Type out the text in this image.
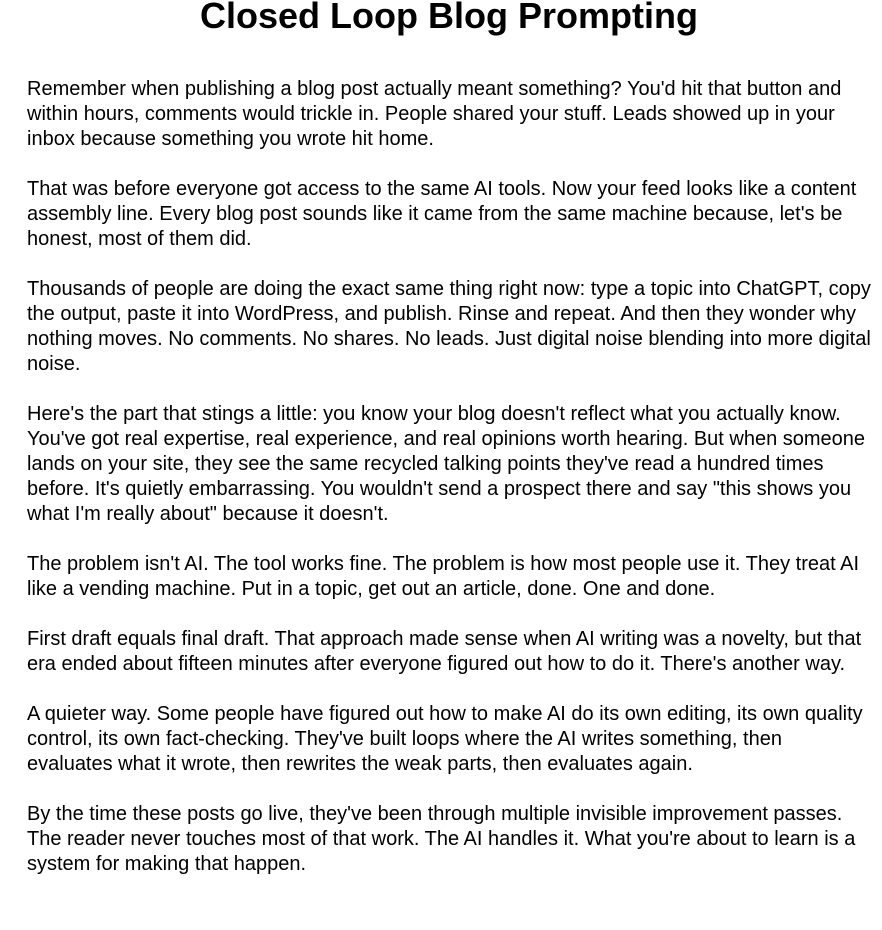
Closed Loop Blog Prompting

Remember when publishing a blog post actually meant something? You'd hit that button and within hours, comments would trickle in. People shared your stuff. Leads showed up in your inbox because something you wrote hit home.

That was before everyone got access to the same AI tools. Now your feed looks like a content assembly line. Every blog post sounds like it came from the same machine because, let's be honest, most of them did.

Thousands of people are doing the exact same thing right now: type a topic into ChatGPT, copy the output, paste it into WordPress, and publish. Rinse and repeat. And then they wonder why nothing moves. No comments. No shares. No leads. Just digital noise blending into more digital noise.

Here's the part that stings a little: you know your blog doesn't reflect what you actually know. You've got real expertise, real experience, and real opinions worth hearing. But when someone lands on your site, they see the same recycled talking points they've read a hundred times before. It's quietly embarrassing. You wouldn't send a prospect there and say "this shows you what I'm really about" because it doesn't.

The problem isn't AI. The tool works fine. The problem is how most people use it. They treat AI like a vending machine. Put in a topic, get out an article, done. One and done.

First draft equals final draft. That approach made sense when AI writing was a novelty, but that era ended about fifteen minutes after everyone figured out how to do it. There's another way.

A quieter way. Some people have figured out how to make AI do its own editing, its own quality control, its own fact-checking. They've built loops where the AI writes something, then evaluates what it wrote, then rewrites the weak parts, then evaluates again.

By the time these posts go live, they've been through multiple invisible improvement passes. The reader never touches most of that work. The AI handles it. What you're about to learn is a system for making that happen.
